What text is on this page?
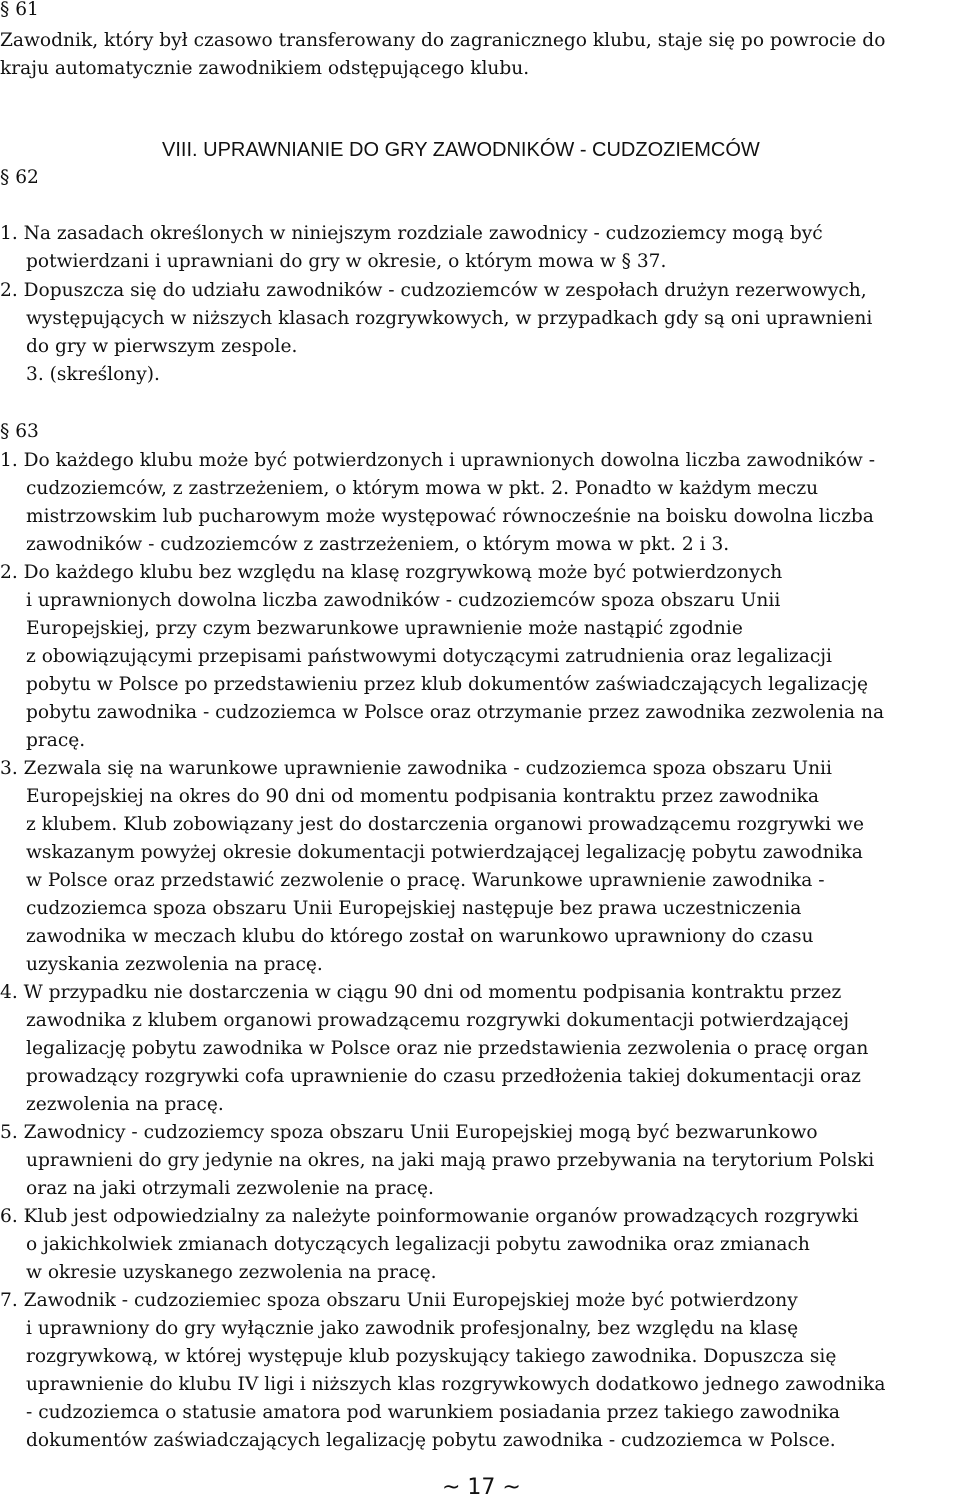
§ 61
Zawodnik, który był czasowo transferowany do zagranicznego klubu, staje się po powrocie do
kraju automatycznie zawodnikiem odstępującego klubu.
VIII. UPRAWNIANIE DO GRY ZAWODNIKÓW - CUDZOZIEMCÓW
§ 62
1. Na zasadach określonych w niniejszym rozdziale zawodnicy - cudzoziemcy mogą być
potwierdzani i uprawniani do gry w okresie, o którym mowa w § 37.
2. Dopuszcza się do udziału zawodników - cudzoziemców w zespołach drużyn rezerwowych,
występujących w niższych klasach rozgrywkowych, w przypadkach gdy są oni uprawnieni
do gry w pierwszym zespole.
3. (skreślony).
§ 63
1. Do każdego klubu może być potwierdzonych i uprawnionych dowolna liczba zawodników -
cudzoziemców, z zastrzeżeniem, o którym mowa w pkt. 2. Ponadto w każdym meczu
mistrzowskim lub pucharowym może występować równocześnie na boisku dowolna liczba
zawodników - cudzoziemców z zastrzeżeniem, o którym mowa w pkt. 2 i 3.
2. Do każdego klubu bez względu na klasę rozgrywkową może być potwierdzonych
i uprawnionych dowolna liczba zawodników - cudzoziemców spoza obszaru Unii
Europejskiej, przy czym bezwarunkowe uprawnienie może nastąpić zgodnie
z obowiązującymi przepisami państwowymi dotyczącymi zatrudnienia oraz legalizacji
pobytu w Polsce po przedstawieniu przez klub dokumentów zaświadczających legalizację
pobytu zawodnika - cudzoziemca w Polsce oraz otrzymanie przez zawodnika zezwolenia na
pracę.
3. Zezwala się na warunkowe uprawnienie zawodnika - cudzoziemca spoza obszaru Unii
Europejskiej na okres do 90 dni od momentu podpisania kontraktu przez zawodnika
z klubem. Klub zobowiązany jest do dostarczenia organowi prowadzącemu rozgrywki we
wskazanym powyżej okresie dokumentacji potwierdzającej legalizację pobytu zawodnika
w Polsce oraz przedstawić zezwolenie o pracę. Warunkowe uprawnienie zawodnika -
cudzoziemca spoza obszaru Unii Europejskiej następuje bez prawa uczestniczenia
zawodnika w meczach klubu do którego został on warunkowo uprawniony do czasu
uzyskania zezwolenia na pracę.
4. W przypadku nie dostarczenia w ciągu 90 dni od momentu podpisania kontraktu przez
zawodnika z klubem organowi prowadzącemu rozgrywki dokumentacji potwierdzającej
legalizację pobytu zawodnika w Polsce oraz nie przedstawienia zezwolenia o pracę organ
prowadzący rozgrywki cofa uprawnienie do czasu przedłożenia takiej dokumentacji oraz
zezwolenia na pracę.
5. Zawodnicy - cudzoziemcy spoza obszaru Unii Europejskiej mogą być bezwarunkowo
uprawnieni do gry jedynie na okres, na jaki mają prawo przebywania na terytorium Polski
oraz na jaki otrzymali zezwolenie na pracę.
6. Klub jest odpowiedzialny za należyte poinformowanie organów prowadzących rozgrywki
o jakichkolwiek zmianach dotyczących legalizacji pobytu zawodnika oraz zmianach
w okresie uzyskanego zezwolenia na pracę.
7. Zawodnik - cudzoziemiec spoza obszaru Unii Europejskiej może być potwierdzony
i uprawniony do gry wyłącznie jako zawodnik profesjonalny, bez względu na klasę
rozgrywkową, w której występuje klub pozyskujący takiego zawodnika. Dopuszcza się
uprawnienie do klubu IV ligi i niższych klas rozgrywkowych dodatkowo jednego zawodnika
- cudzoziemca o statusie amatora pod warunkiem posiadania przez takiego zawodnika
dokumentów zaświadczających legalizację pobytu zawodnika - cudzoziemca w Polsce.
~ 17 ~
